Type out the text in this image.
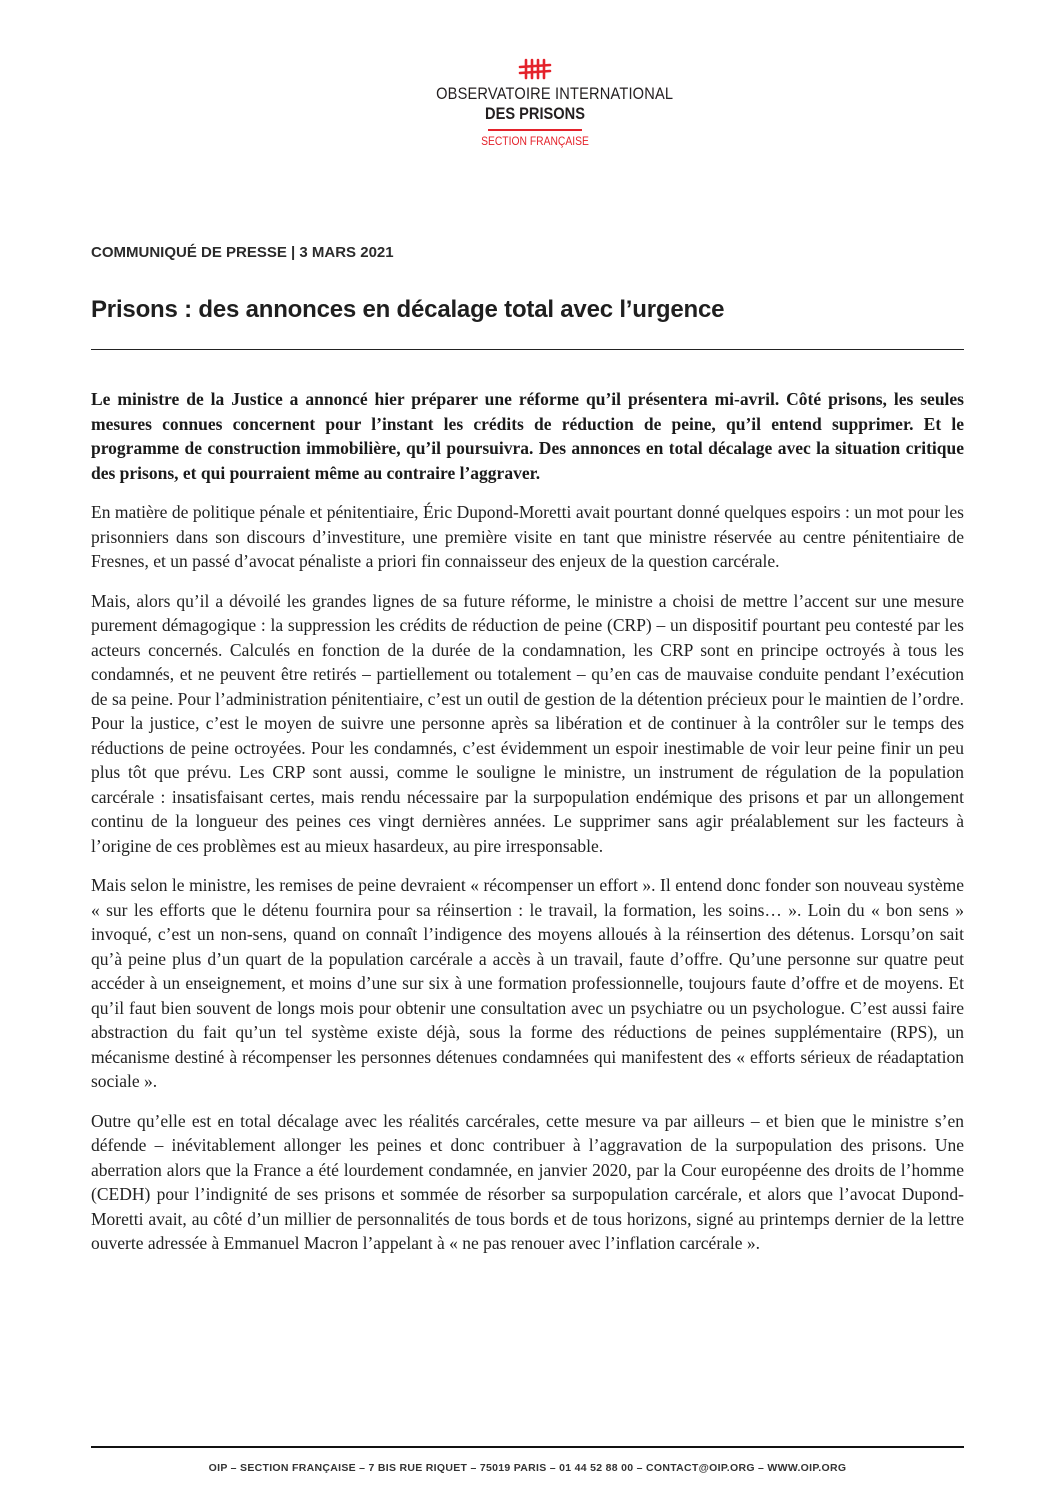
OBSERVATOIRE INTERNATIONAL
DES PRISONS
SECTION FRANÇAISE
COMMUNIQUÉ DE PRESSE | 3 MARS 2021
Prisons : des annonces en décalage total avec l’urgence

Le ministre de la Justice a annoncé hier préparer une réforme qu’il présentera mi-avril. Côté prisons, les seules mesures connues concernent pour l’instant les crédits de réduction de peine, qu’il entend supprimer. Et le programme de construction immobilière, qu’il poursuivra. Des annonces en total décalage avec la situation critique des prisons, et qui pourraient même au contraire l’aggraver.

En matière de politique pénale et pénitentiaire, Éric Dupond-Moretti avait pourtant donné quelques espoirs : un mot pour les prisonniers dans son discours d’investiture, une première visite en tant que ministre réservée au centre pénitentiaire de Fresnes, et un passé d’avocat pénaliste a priori fin connaisseur des enjeux de la question carcérale.

Mais, alors qu’il a dévoilé les grandes lignes de sa future réforme, le ministre a choisi de mettre l’accent sur une mesure purement démagogique : la suppression les crédits de réduction de peine (CRP) – un dispositif pourtant peu contesté par les acteurs concernés. Calculés en fonction de la durée de la condamnation, les CRP sont en principe octroyés à tous les condamnés, et ne peuvent être retirés – partiellement ou totalement – qu’en cas de mauvaise conduite pendant l’exécution de sa peine. Pour l’administration pénitentiaire, c’est un outil de gestion de la détention précieux pour le maintien de l’ordre. Pour la justice, c’est le moyen de suivre une personne après sa libération et de continuer à la contrôler sur le temps des réductions de peine octroyées. Pour les condamnés, c’est évidemment un espoir inestimable de voir leur peine finir un peu plus tôt que prévu. Les CRP sont aussi, comme le souligne le ministre, un instrument de régulation de la population carcérale : insatisfaisant certes, mais rendu nécessaire par la surpopulation endémique des prisons et par un allongement continu de la longueur des peines ces vingt dernières années. Le supprimer sans agir préalablement sur les facteurs à l’origine de ces problèmes est au mieux hasardeux, au pire irresponsable.

Mais selon le ministre, les remises de peine devraient « récompenser un effort ». Il entend donc fonder son nouveau système « sur les efforts que le détenu fournira pour sa réinsertion : le travail, la formation, les soins… ». Loin du « bon sens » invoqué, c’est un non-sens, quand on connaît l’indigence des moyens alloués à la réinsertion des détenus. Lorsqu’on sait qu’à peine plus d’un quart de la population carcérale a accès à un travail, faute d’offre. Qu’une personne sur quatre peut accéder à un enseignement, et moins d’une sur six à une formation professionnelle, toujours faute d’offre et de moyens. Et qu’il faut bien souvent de longs mois pour obtenir une consultation avec un psychiatre ou un psychologue. C’est aussi faire abstraction du fait qu’un tel système existe déjà, sous la forme des réductions de peines supplémentaire (RPS), un mécanisme destiné à récompenser les personnes détenues condamnées qui manifestent des « efforts sérieux de réadaptation sociale ».

Outre qu’elle est en total décalage avec les réalités carcérales, cette mesure va par ailleurs – et bien que le ministre s’en défende – inévitablement allonger les peines et donc contribuer à l’aggravation de la surpopulation des prisons. Une aberration alors que la France a été lourdement condamnée, en janvier 2020, par la Cour européenne des droits de l’homme (CEDH) pour l’indignité de ses prisons et sommée de résorber sa surpopulation carcérale, et alors que l’avocat Dupond-Moretti avait, au côté d’un millier de personnalités de tous bords et de tous horizons, signé au printemps dernier de la lettre ouverte adressée à Emmanuel Macron l’appelant à « ne pas renouer avec l’inflation carcérale ».

OIP – SECTION FRANÇAISE – 7 BIS RUE RIQUET – 75019 PARIS – 01 44 52 88 00 – CONTACT@OIP.ORG – WWW.OIP.ORG
